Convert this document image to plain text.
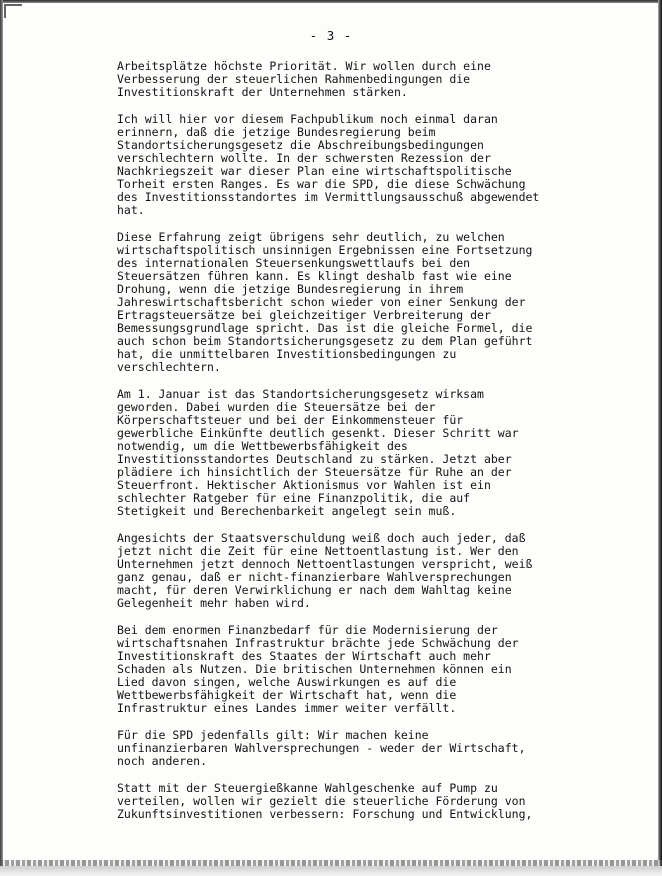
- 3 -

Arbeitsplätze höchste Priorität. Wir wollen durch eine
Verbesserung der steuerlichen Rahmenbedingungen die
Investitionskraft der Unternehmen stärken.

Ich will hier vor diesem Fachpublikum noch einmal daran
erinnern, daß die jetzige Bundesregierung beim
Standortsicherungsgesetz die Abschreibungsbedingungen
verschlechtern wollte. In der schwersten Rezession der
Nachkriegszeit war dieser Plan eine wirtschaftspolitische
Torheit ersten Ranges. Es war die SPD, die diese Schwächung
des Investitionsstandortes im Vermittlungsausschuß abgewendet
hat.

Diese Erfahrung zeigt übrigens sehr deutlich, zu welchen
wirtschaftspolitisch unsinnigen Ergebnissen eine Fortsetzung
des internationalen Steuersenkungswettlaufs bei den
Steuersätzen führen kann. Es klingt deshalb fast wie eine
Drohung, wenn die jetzige Bundesregierung in ihrem
Jahreswirtschaftsbericht schon wieder von einer Senkung der
Ertragsteuersätze bei gleichzeitiger Verbreiterung der
Bemessungsgrundlage spricht. Das ist die gleiche Formel, die
auch schon beim Standortsicherungsgesetz zu dem Plan geführt
hat, die unmittelbaren Investitionsbedingungen zu
verschlechtern.

Am 1. Januar ist das Standortsicherungsgesetz wirksam
geworden. Dabei wurden die Steuersätze bei der
Körperschaftsteuer und bei der Einkommensteuer für
gewerbliche Einkünfte deutlich gesenkt. Dieser Schritt war
notwendig, um die Wettbewerbsfähigkeit des
Investitionsstandortes Deutschland zu stärken. Jetzt aber
plädiere ich hinsichtlich der Steuersätze für Ruhe an der
Steuerfront. Hektischer Aktionismus vor Wahlen ist ein
schlechter Ratgeber für eine Finanzpolitik, die auf
Stetigkeit und Berechenbarkeit angelegt sein muß.

Angesichts der Staatsverschuldung weiß doch auch jeder, daß
jetzt nicht die Zeit für eine Nettoentlastung ist. Wer den
Unternehmen jetzt dennoch Nettoentlastungen verspricht, weiß
ganz genau, daß er nicht-finanzierbare Wahlversprechungen
macht, für deren Verwirklichung er nach dem Wahltag keine
Gelegenheit mehr haben wird.

Bei dem enormen Finanzbedarf für die Modernisierung der
wirtschaftsnahen Infrastruktur brächte jede Schwächung der
Investitionskraft des Staates der Wirtschaft auch mehr
Schaden als Nutzen. Die britischen Unternehmen können ein
Lied davon singen, welche Auswirkungen es auf die
Wettbewerbsfähigkeit der Wirtschaft hat, wenn die
Infrastruktur eines Landes immer weiter verfällt.

Für die SPD jedenfalls gilt: Wir machen keine
unfinanzierbaren Wahlversprechungen - weder der Wirtschaft,
noch anderen.

Statt mit der Steuergießkanne Wahlgeschenke auf Pump zu
verteilen, wollen wir gezielt die steuerliche Förderung von
Zukunftsinvestitionen verbessern: Forschung und Entwicklung,
